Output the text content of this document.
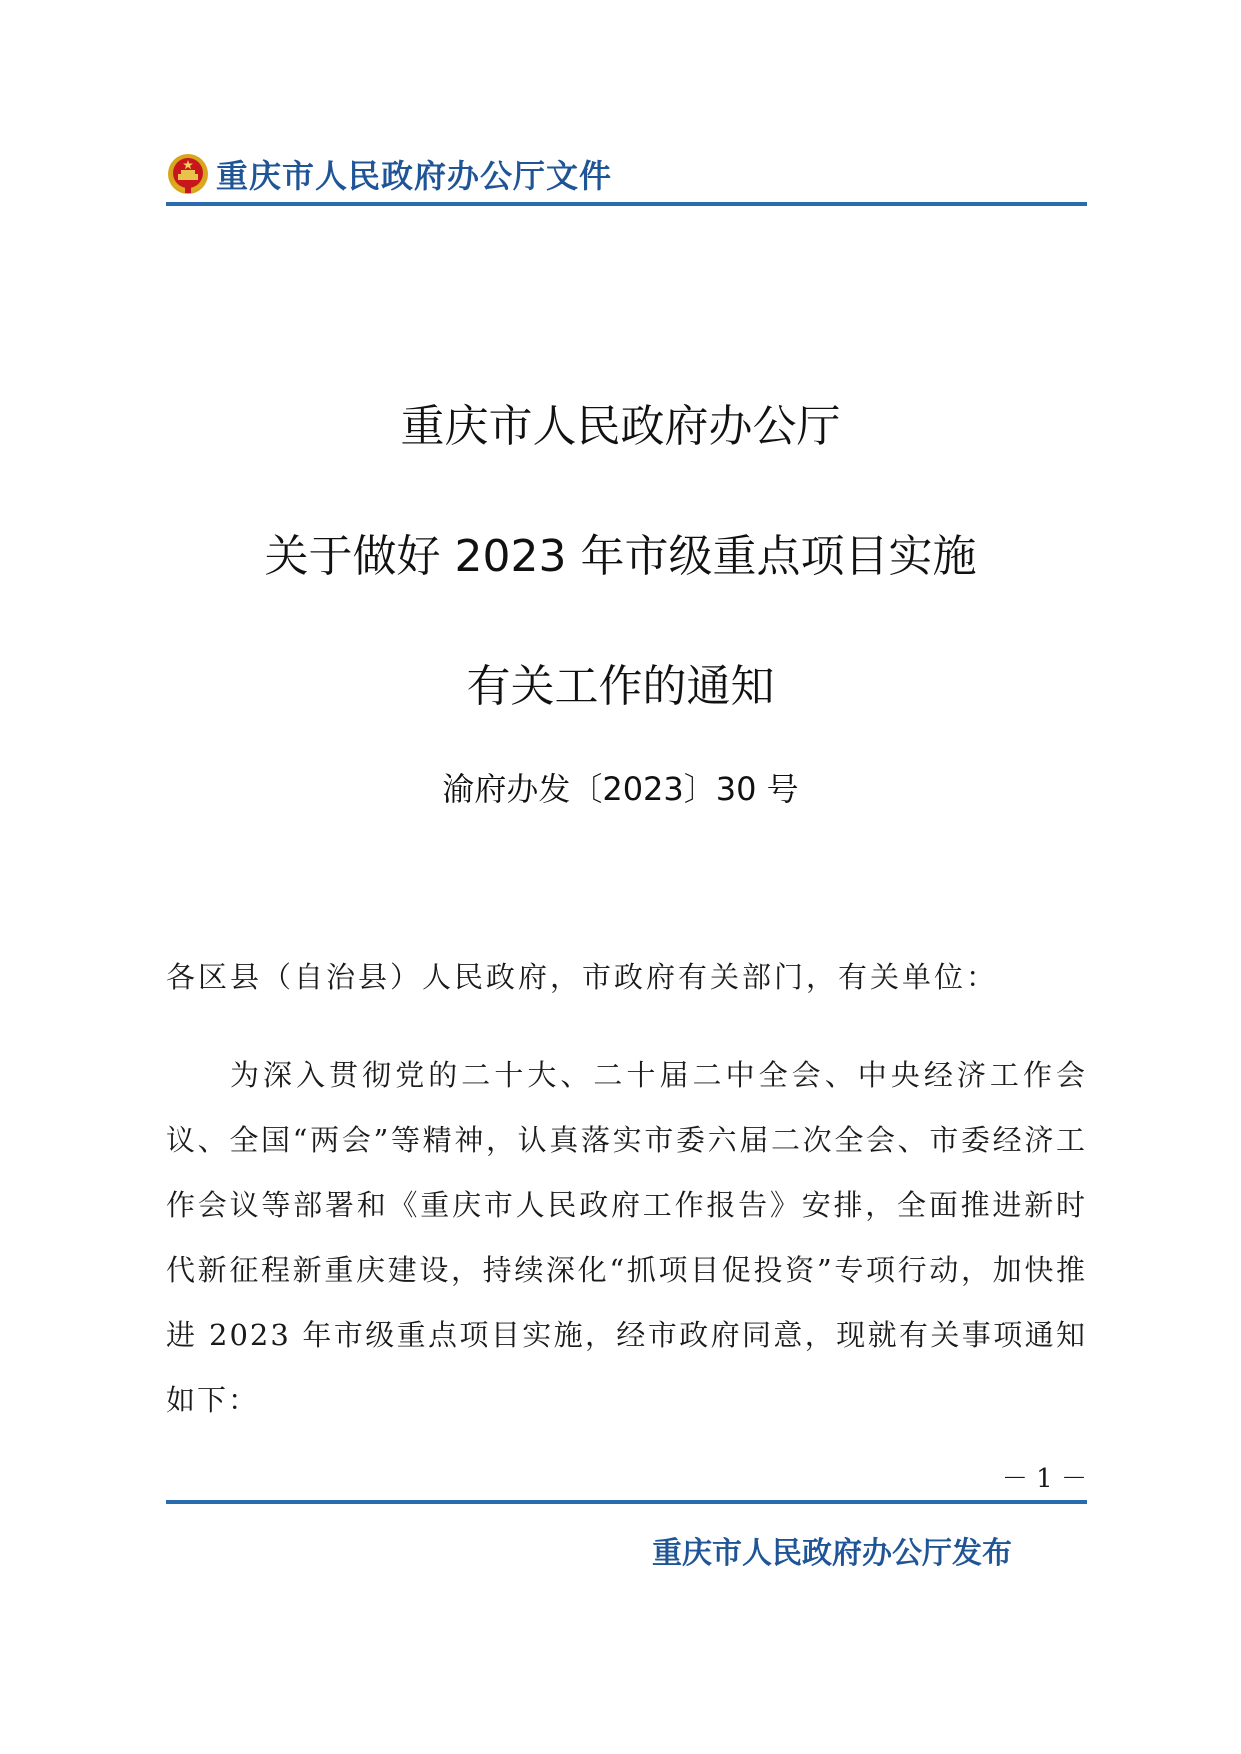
重庆市人民政府办公厅文件
重庆市人民政府办公厅
关于做好 2023 年市级重点项目实施
有关工作的通知
渝府办发〔2023〕30 号
各区县（自治县）人民政府，市政府有关部门，有关单位：
为深入贯彻党的二十大、二十届二中全会、中央经济工作会议、全国“两会”等精神，认真落实市委六届二次全会、市委经济工作会议等部署和《重庆市人民政府工作报告》安排，全面推进新时代新征程新重庆建设，持续深化“抓项目促投资”专项行动，加快推进 2023 年市级重点项目实施，经市政府同意，现就有关事项通知如下：
－ 1 －
重庆市人民政府办公厅发布
